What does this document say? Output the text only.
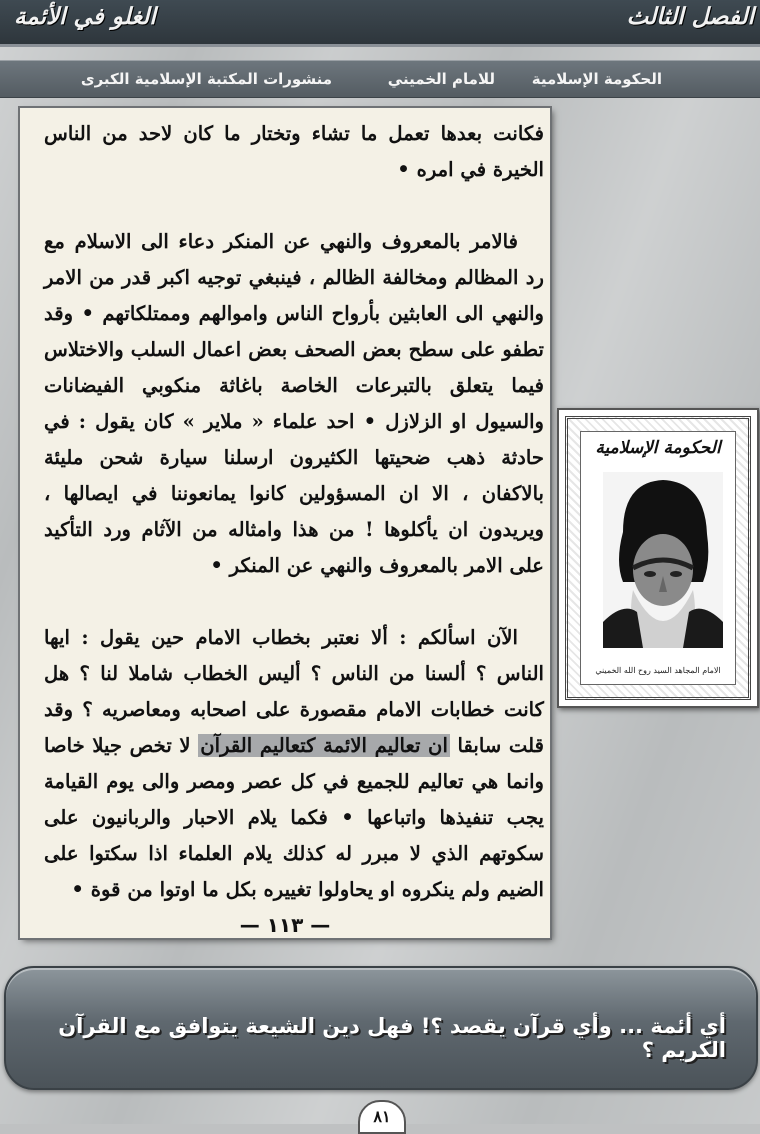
الغلو في الأئمة	الفصل الثالث
الحكومة الإسلامية
للامام الخميني
منشورات المكتبة الإسلامية الكبرى

فكانت بعدها تعمل ما تشاء وتختار ما كان لاحد من الناس الخيرة في امره •

فالامر بالمعروف والنهي عن المنكر دعاء الى الاسلام مع رد المظالم ومخالفة الظالم ، فينبغي توجيه اكبر قدر من الامر والنهي الى العابثين بأرواح الناس واموالهم وممتلكاتهم • وقد تطفو على سطح بعض الصحف بعض اعمال السلب والاختلاس فيما يتعلق بالتبرعات الخاصة باغاثة منكوبي الفيضانات والسيول او الزلازل • احد علماء « ملاير » كان يقول : في حادثة ذهب ضحيتها الكثيرون ارسلنا سيارة شحن مليئة بالاكفان ، الا ان المسؤولين كانوا يمانعوننا في ايصالها ، ويريدون ان يأكلوها ! من هذا وامثاله من الآثام ورد التأكيد على الامر بالمعروف والنهي عن المنكر •

الآن اسألكم : ألا نعتبر بخطاب الامام حين يقول : ايها الناس ؟ ألسنا من الناس ؟ أليس الخطاب شاملا لنا ؟ هل كانت خطابات الامام مقصورة على اصحابه ومعاصريه ؟ وقد قلت سابقا ان تعاليم الائمة كتعاليم القرآن لا تخص جيلا خاصا وانما هي تعاليم للجميع في كل عصر ومصر والى يوم القيامة يجب تنفيذها واتباعها • فكما يلام الاحبار والربانيون على سكوتهم الذي لا مبرر له كذلك يلام العلماء اذا سكتوا على الضيم ولم ينكروه او يحاولوا تغييره بكل ما اوتوا من قوة •

— ١١٣ —
الحكومة الإسلامية
الامام المجاهد السيد روح الله الخميني
أي أئمة ... وأي قرآن يقصد ؟! فهل دين الشيعة يتوافق مع القرآن الكريم ؟
٨١
